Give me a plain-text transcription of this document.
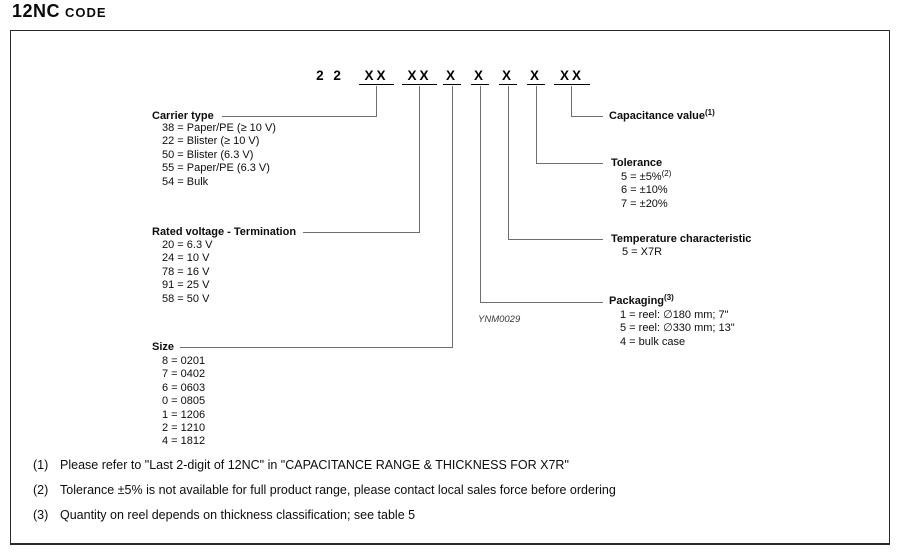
12NC CODE
2 2	XX	XX	X X X X	XX
Carrier type
38 = Paper/PE (≥ 10 V)
22 = Blister (≥ 10 V)
50 = Blister (6.3 V)
55 = Paper/PE (6.3 V)
54 = Bulk
Rated voltage - Termination
20 = 6.3 V
24 = 10 V
78 = 16 V
91 = 25 V
58 = 50 V
Size
8 = 0201
7 = 0402
6 = 0603
0 = 0805
1 = 1206
2 = 1210
4 = 1812
Capacitance value$^{(1)}$
Tolerance
5 = ±5%$^{(2)}$
6 = ±10%
7 = ±20%
Temperature characteristic
5 = X7R
Packaging$^{(3)}$
1 = reel: ∅180 mm; 7"
5 = reel: ∅330 mm; 13"
4 = bulk case
YNM0029
(1) Please refer to "Last 2-digit of 12NC" in "CAPACITANCE RANGE & THICKNESS FOR X7R"
(2) Tolerance ±5% is not available for full product range, please contact local sales force before ordering
(3) Quantity on reel depends on thickness classification; see table 5
